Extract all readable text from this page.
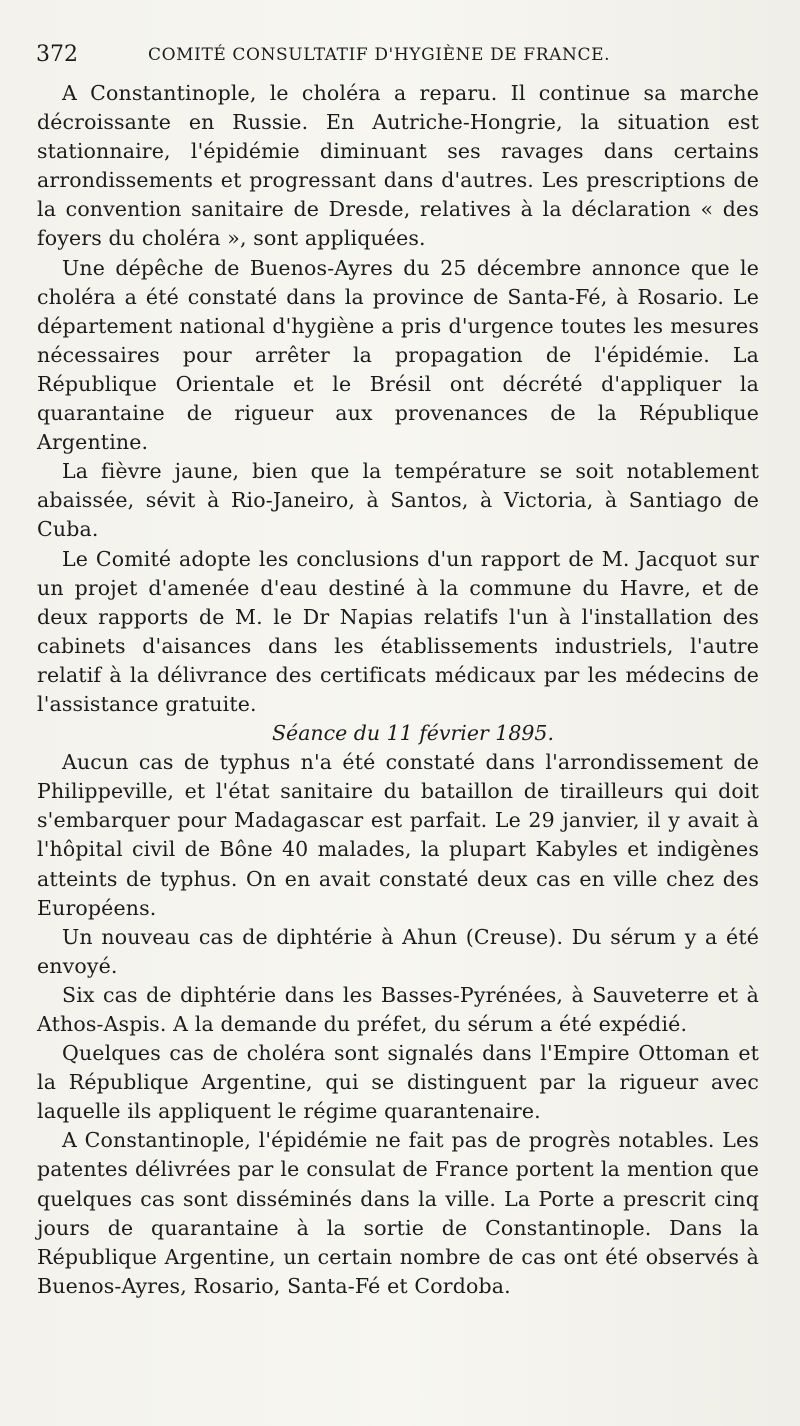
372	COMITÉ CONSULTATIF D'HYGIÈNE DE FRANCE.

A Constantinople, le choléra a reparu. Il continue sa marche décroissante en Russie. En Autriche-Hongrie, la situation est stationnaire, l'épidémie diminuant ses ravages dans certains arrondissements et progressant dans d'autres. Les prescriptions de la convention sanitaire de Dresde, relatives à la déclaration « des foyers du choléra », sont appliquées.

Une dépêche de Buenos-Ayres du 25 décembre annonce que le choléra a été constaté dans la province de Santa-Fé, à Rosario. Le département national d'hygiène a pris d'urgence toutes les mesures nécessaires pour arrêter la propagation de l'épidémie. La République Orientale et le Brésil ont décrété d'appliquer la quarantaine de rigueur aux provenances de la République Argentine.

La fièvre jaune, bien que la température se soit notablement abaissée, sévit à Rio-Janeiro, à Santos, à Victoria, à Santiago de Cuba.

Le Comité adopte les conclusions d'un rapport de M. Jacquot sur un projet d'amenée d'eau destiné à la commune du Havre, et de deux rapports de M. le Dr Napias relatifs l'un à l'installation des cabinets d'aisances dans les établissements industriels, l'autre relatif à la délivrance des certificats médicaux par les médecins de l'assistance gratuite.

Séance du 11 février 1895.

Aucun cas de typhus n'a été constaté dans l'arrondissement de Philippeville, et l'état sanitaire du bataillon de tirailleurs qui doit s'embarquer pour Madagascar est parfait. Le 29 janvier, il y avait à l'hôpital civil de Bône 40 malades, la plupart Kabyles et indigènes atteints de typhus. On en avait constaté deux cas en ville chez des Européens.

Un nouveau cas de diphtérie à Ahun (Creuse). Du sérum y a été envoyé.

Six cas de diphtérie dans les Basses-Pyrénées, à Sauveterre et à Athos-Aspis. A la demande du préfet, du sérum a été expédié.

Quelques cas de choléra sont signalés dans l'Empire Ottoman et la République Argentine, qui se distinguent par la rigueur avec laquelle ils appliquent le régime quarantenaire.

A Constantinople, l'épidémie ne fait pas de progrès notables. Les patentes délivrées par le consulat de France portent la mention que quelques cas sont disséminés dans la ville. La Porte a prescrit cinq jours de quarantaine à la sortie de Constantinople. Dans la République Argentine, un certain nombre de cas ont été observés à Buenos-Ayres, Rosario, Santa-Fé et Cordoba.
